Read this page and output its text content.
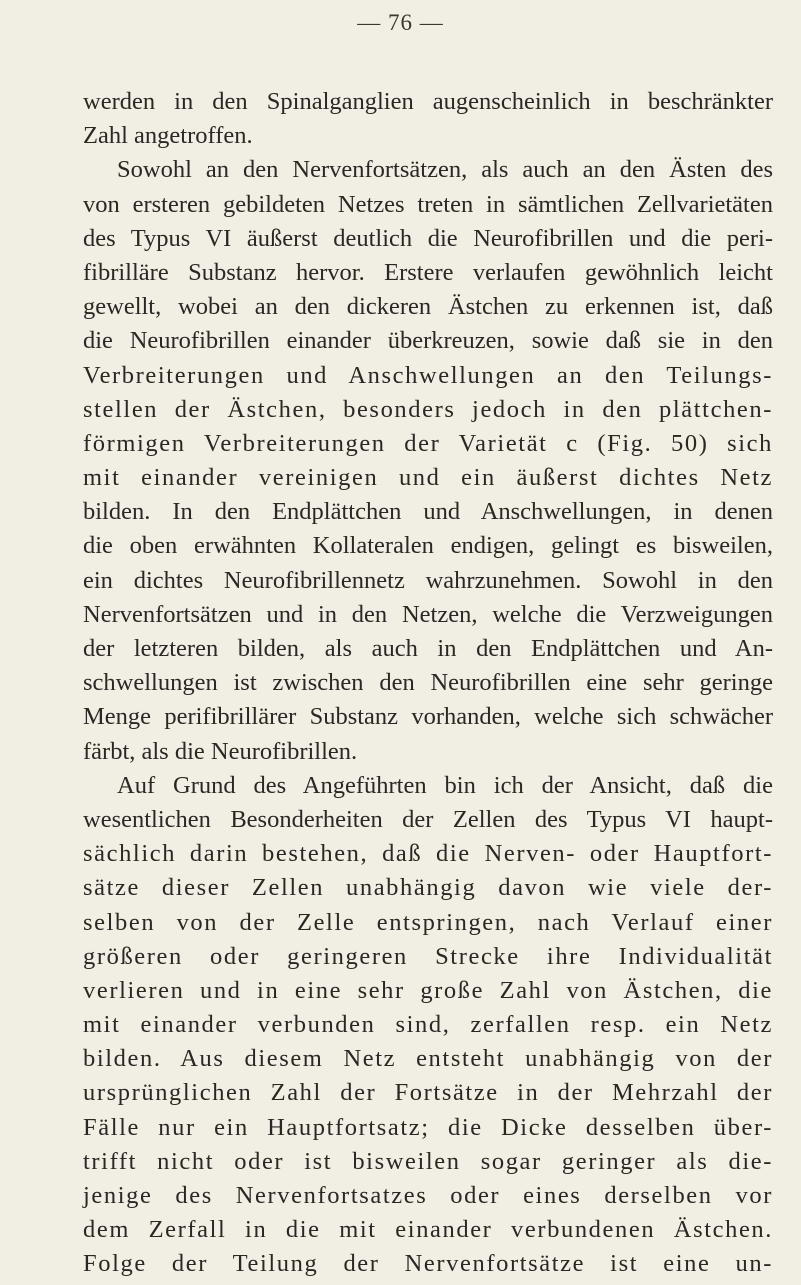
— 76 —
werden in den Spinalganglien augenscheinlich in beschränkter
Zahl angetroffen.
Sowohl an den Nervenfortsätzen, als auch an den Ästen des
von ersteren gebildeten Netzes treten in sämtlichen Zellvarietäten
des Typus VI äußerst deutlich die Neurofibrillen und die peri-
fibrilläre Substanz hervor. Erstere verlaufen gewöhnlich leicht
gewellt, wobei an den dickeren Ästchen zu erkennen ist, daß
die Neurofibrillen einander überkreuzen, sowie daß sie in den
Verbreiterungen und Anschwellungen an den Teilungs-
stellen der Ästchen, besonders jedoch in den plättchen-
förmigen Verbreiterungen der Varietät c (Fig. 50) sich
mit einander vereinigen und ein äußerst dichtes Netz
bilden. In den Endplättchen und Anschwellungen, in denen
die oben erwähnten Kollateralen endigen, gelingt es bisweilen,
ein dichtes Neurofibrillennetz wahrzunehmen. Sowohl in den
Nervenfortsätzen und in den Netzen, welche die Verzweigungen
der letzteren bilden, als auch in den Endplättchen und An-
schwellungen ist zwischen den Neurofibrillen eine sehr geringe
Menge perifibrillärer Substanz vorhanden, welche sich schwächer
färbt, als die Neurofibrillen.
Auf Grund des Angeführten bin ich der Ansicht, daß die
wesentlichen Besonderheiten der Zellen des Typus VI haupt-
sächlich darin bestehen, daß die Nerven- oder Hauptfort-
sätze dieser Zellen unabhängig davon wie viele der-
selben von der Zelle entspringen, nach Verlauf einer
größeren oder geringeren Strecke ihre Individualität
verlieren und in eine sehr große Zahl von Ästchen, die
mit einander verbunden sind, zerfallen resp. ein Netz
bilden. Aus diesem Netz entsteht unabhängig von der
ursprünglichen Zahl der Fortsätze in der Mehrzahl der
Fälle nur ein Hauptfortsatz; die Dicke desselben über-
trifft nicht oder ist bisweilen sogar geringer als die-
jenige des Nervenfortsatzes oder eines derselben vor
dem Zerfall in die mit einander verbundenen Ästchen.
Folge der Teilung der Nervenfortsätze ist eine un-
